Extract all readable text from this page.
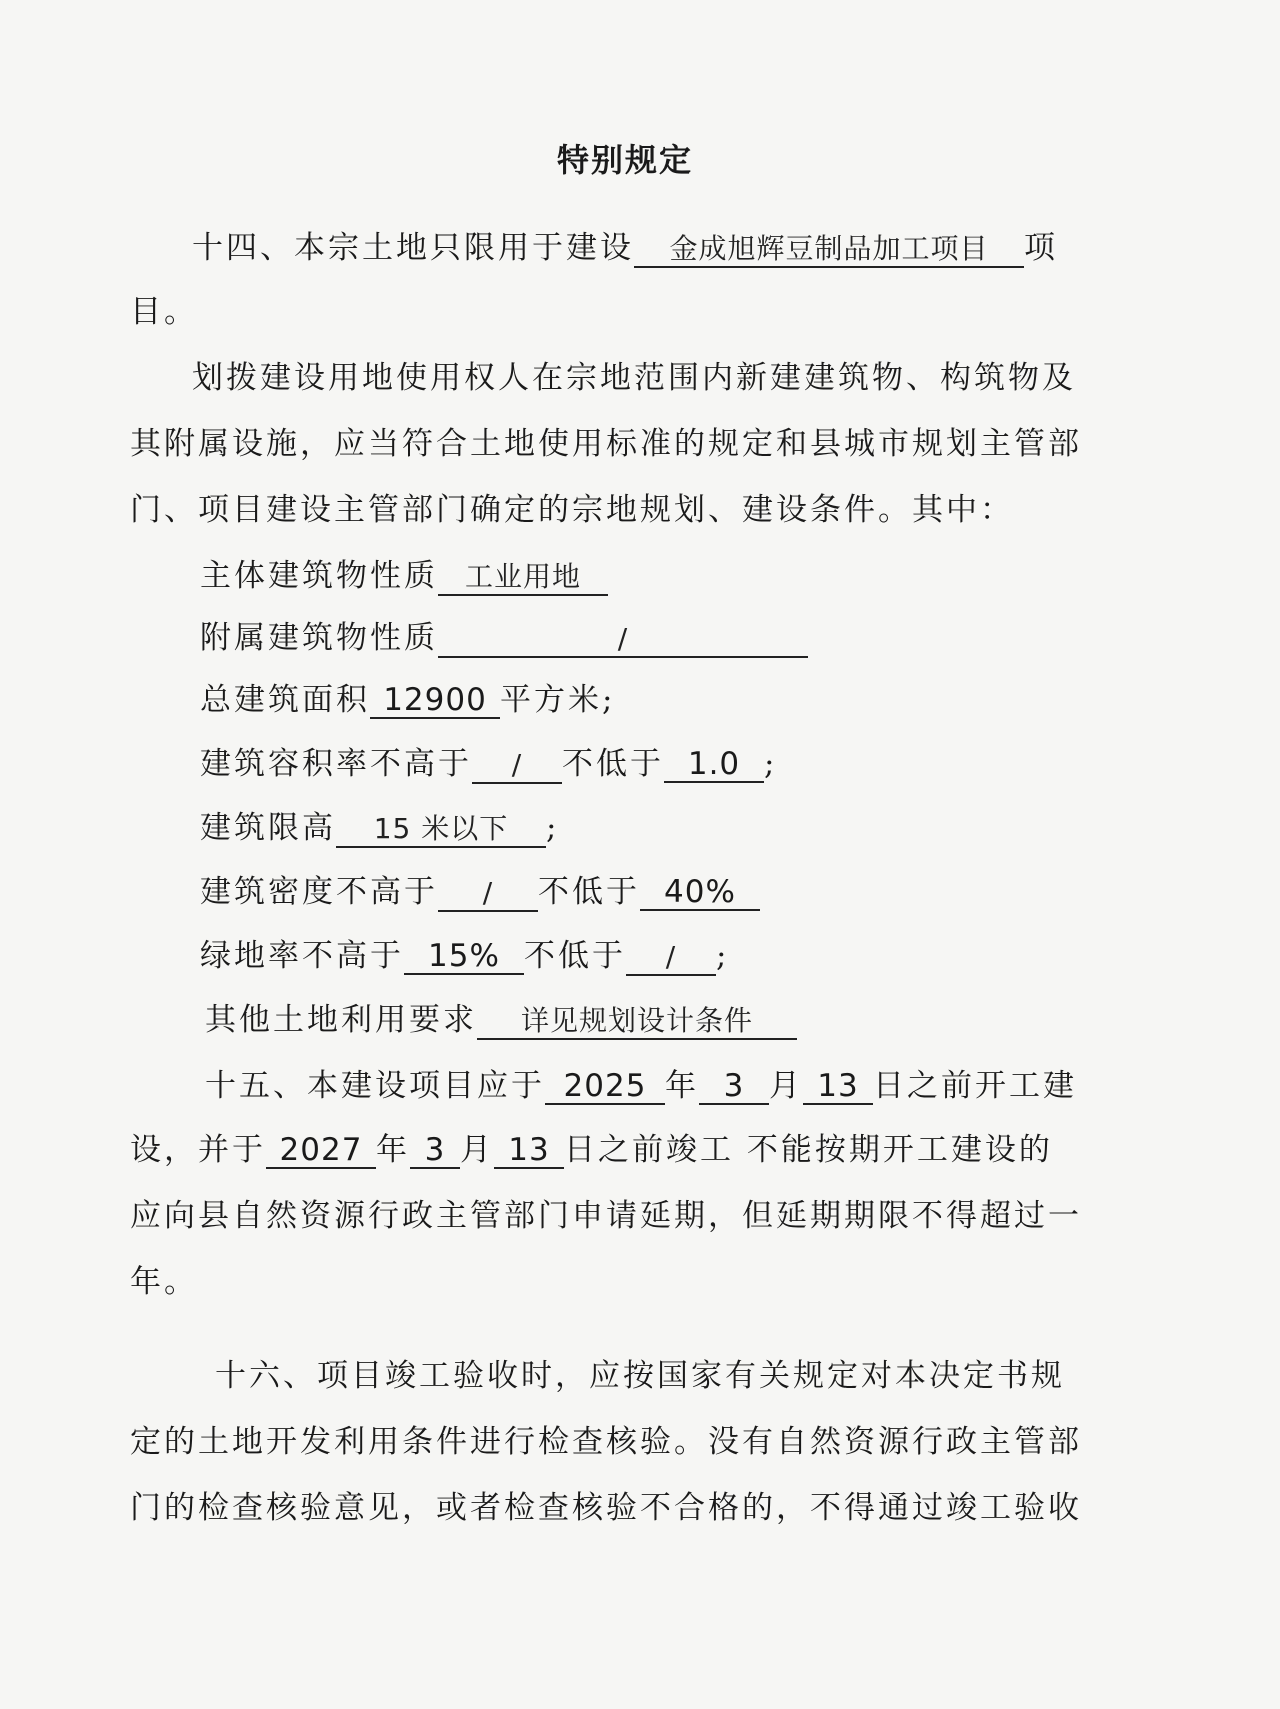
特别规定
十四、本宗土地只限用于建设 金成旭辉豆制品加工项目 项
目。
划拨建设用地使用权人在宗地范围内新建建筑物、构筑物及
其附属设施，应当符合土地使用标准的规定和县城市规划主管部
门、项目建设主管部门确定的宗地规划、建设条件。其中：
主体建筑物性质 工业用地
附属建筑物性质	/
总建筑面积 12900 平方米;
建筑容积率不高于 / 不低于 1.0 ;
建筑限高 15 米以下 ;
建筑密度不高于 / 不低于 40%
绿地率不高于 15% 不低于 / ;
其他土地利用要求 详见规划设计条件
十五、本建设项目应于 2025 年 3 月 13 日之前开工建
设，并于 2027 年 3 月 13 日之前竣工 不能按期开工建设的
应向县自然资源行政主管部门申请延期，但延期期限不得超过一
年。
十六、项目竣工验收时，应按国家有关规定对本决定书规
定的土地开发利用条件进行检查核验。没有自然资源行政主管部
门的检查核验意见，或者检查核验不合格的，不得通过竣工验收
